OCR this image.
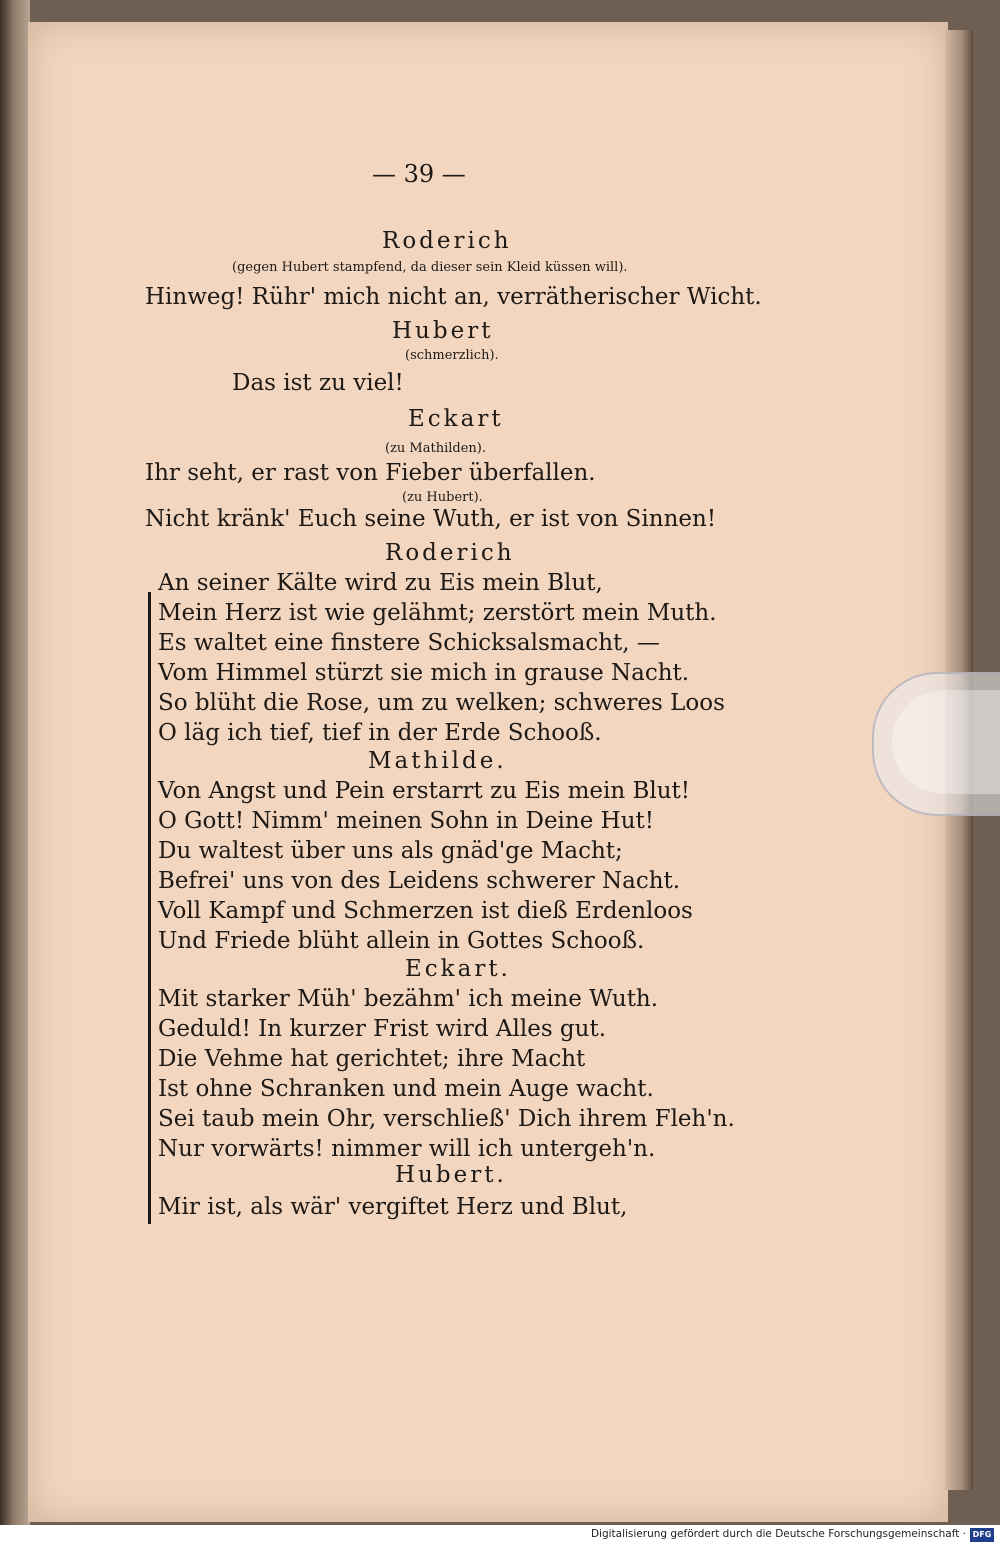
— 39 —
Roderich
(gegen Hubert stampfend, da dieser sein Kleid küssen will).
Hinweg! Rühr' mich nicht an, verrätherischer Wicht.
Hubert
(schmerzlich).
Das ist zu viel!
Eckart
(zu Mathilden).
Ihr seht, er rast von Fieber überfallen.
(zu Hubert).
Nicht kränk' Euch seine Wuth, er ist von Sinnen!
Roderich
An seiner Kälte wird zu Eis mein Blut,
Mein Herz ist wie gelähmt; zerstört mein Muth.
Es waltet eine finstere Schicksalsmacht, —
Vom Himmel stürzt sie mich in grause Nacht.
So blüht die Rose, um zu welken; schweres Loos
O läg ich tief, tief in der Erde Schooß.
Mathilde.
Von Angst und Pein erstarrt zu Eis mein Blut!
O Gott! Nimm' meinen Sohn in Deine Hut!
Du waltest über uns als gnäd'ge Macht;
Befrei' uns von des Leidens schwerer Nacht.
Voll Kampf und Schmerzen ist dieß Erdenloos
Und Friede blüht allein in Gottes Schooß.
Eckart.
Mit starker Müh' bezähm' ich meine Wuth.
Geduld! In kurzer Frist wird Alles gut.
Die Vehme hat gerichtet; ihre Macht
Ist ohne Schranken und mein Auge wacht.
Sei taub mein Ohr, verschließ' Dich ihrem Fleh'n.
Nur vorwärts! nimmer will ich untergeh'n.
Hubert.
Mir ist, als wär' vergiftet Herz und Blut,
Digitalisierung gefördert durch die Deutsche Forschungsgemeinschaft · DFG
